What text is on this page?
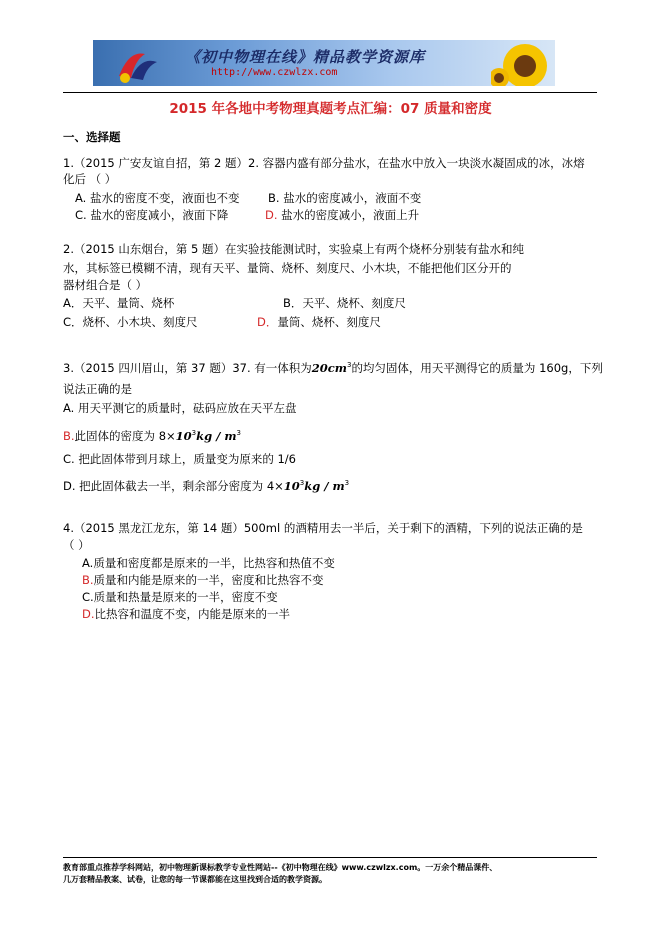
《初中物理在线》精品教学资源库
http://www.czwlzx.com
2015 年各地中考物理真题考点汇编：07 质量和密度
一、选择题
1.（2015 广安友谊自招，第 2 题）2. 容器内盛有部分盐水，在盐水中放入一块淡水凝固成的冰，冰熔
化后 （ ）
A. 盐水的密度不变，液面也不变 B. 盐水的密度减小，液面不变
C. 盐水的密度减小，液面下降	D. 盐水的密度减小，液面上升
2.（2015 山东烟台，第 5 题）在实验技能测试时，实验桌上有两个烧杯分别装有盐水和纯
水，其标签已模糊不清，现有天平、量筒、烧杯、刻度尺、小木块，不能把他们区分开的
器材组合是（ ）
A．天平、量筒、烧杯	B．天平、烧杯、刻度尺
C．烧杯、小木块、刻度尺	D．量筒、烧杯、刻度尺
3.（2015 四川眉山，第 37 题）37. 有一体积为$20cm^3$的均匀固体，用天平测得它的质量为 160g，下列
说法正确的是
A. 用天平测它的质量时，砝码应放在天平左盘
B.此固体的密度为 $8\times 10^3kg / m^3$
C. 把此固体带到月球上，质量变为原来的 1/6
D. 把此固体截去一半，剩余部分密度为 $4\times 10^3kg / m^3$
4.（2015 黑龙江龙东，第 14 题）500ml 的酒精用去一半后，关于剩下的酒精，下列的说法正确的是
（ ）
A.质量和密度都是原来的一半，比热容和热值不变
B.质量和内能是原来的一半，密度和比热容不变
C.质量和热量是原来的一半，密度不变
D.比热容和温度不变，内能是原来的一半
教育部重点推荐学科网站，初中物理新课标教学专业性网站--《初中物理在线》www.czwlzx.com。一万余个精品课件、
几万套精品教案、试卷，让您的每一节课都能在这里找到合适的教学资源。
